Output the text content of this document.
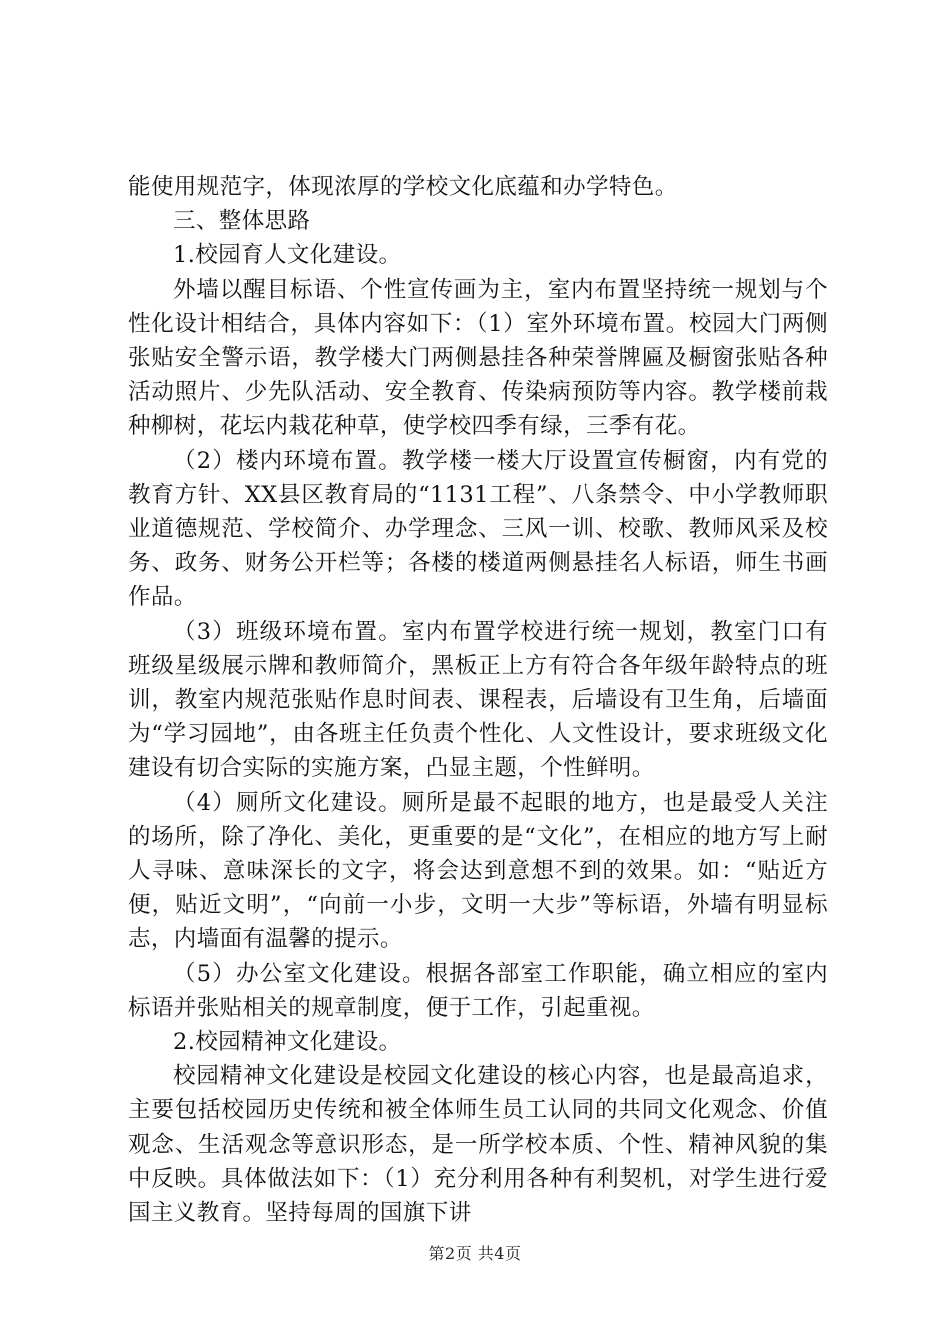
能使用规范字，体现浓厚的学校文化底蕴和办学特色。

三、整体思路

1.校园育人文化建设。

外墙以醒目标语、个性宣传画为主，室内布置坚持统一规划与个性化设计相结合，具体内容如下：（1）室外环境布置。校园大门两侧张贴安全警示语，教学楼大门两侧悬挂各种荣誉牌匾及橱窗张贴各种活动照片、少先队活动、安全教育、传染病预防等内容。教学楼前栽种柳树，花坛内栽花种草，使学校四季有绿，三季有花。

（2）楼内环境布置。教学楼一楼大厅设置宣传橱窗，内有党的教育方针、XX县区教育局的“1131工程”、八条禁令、中小学教师职业道德规范、学校简介、办学理念、三风一训、校歌、教师风采及校务、政务、财务公开栏等；各楼的楼道两侧悬挂名人标语，师生书画作品。

（3）班级环境布置。室内布置学校进行统一规划，教室门口有班级星级展示牌和教师简介，黑板正上方有符合各年级年龄特点的班训，教室内规范张贴作息时间表、课程表，后墙设有卫生角，后墙面为“学习园地”，由各班主任负责个性化、人文性设计，要求班级文化建设有切合实际的实施方案，凸显主题，个性鲜明。

（4）厕所文化建设。厕所是最不起眼的地方，也是最受人关注的场所，除了净化、美化，更重要的是“文化”，在相应的地方写上耐人寻味、意味深长的文字，将会达到意想不到的效果。如：“贴近方便，贴近文明”，“向前一小步，文明一大步”等标语，外墙有明显标志，内墙面有温馨的提示。

（5）办公室文化建设。根据各部室工作职能，确立相应的室内标语并张贴相关的规章制度，便于工作，引起重视。

2.校园精神文化建设。

校园精神文化建设是校园文化建设的核心内容，也是最高追求，主要包括校园历史传统和被全体师生员工认同的共同文化观念、价值观念、生活观念等意识形态，是一所学校本质、个性、精神风貌的集中反映。具体做法如下：（1）充分利用各种有利契机，对学生进行爱国主义教育。坚持每周的国旗下讲

第2页 共4页
